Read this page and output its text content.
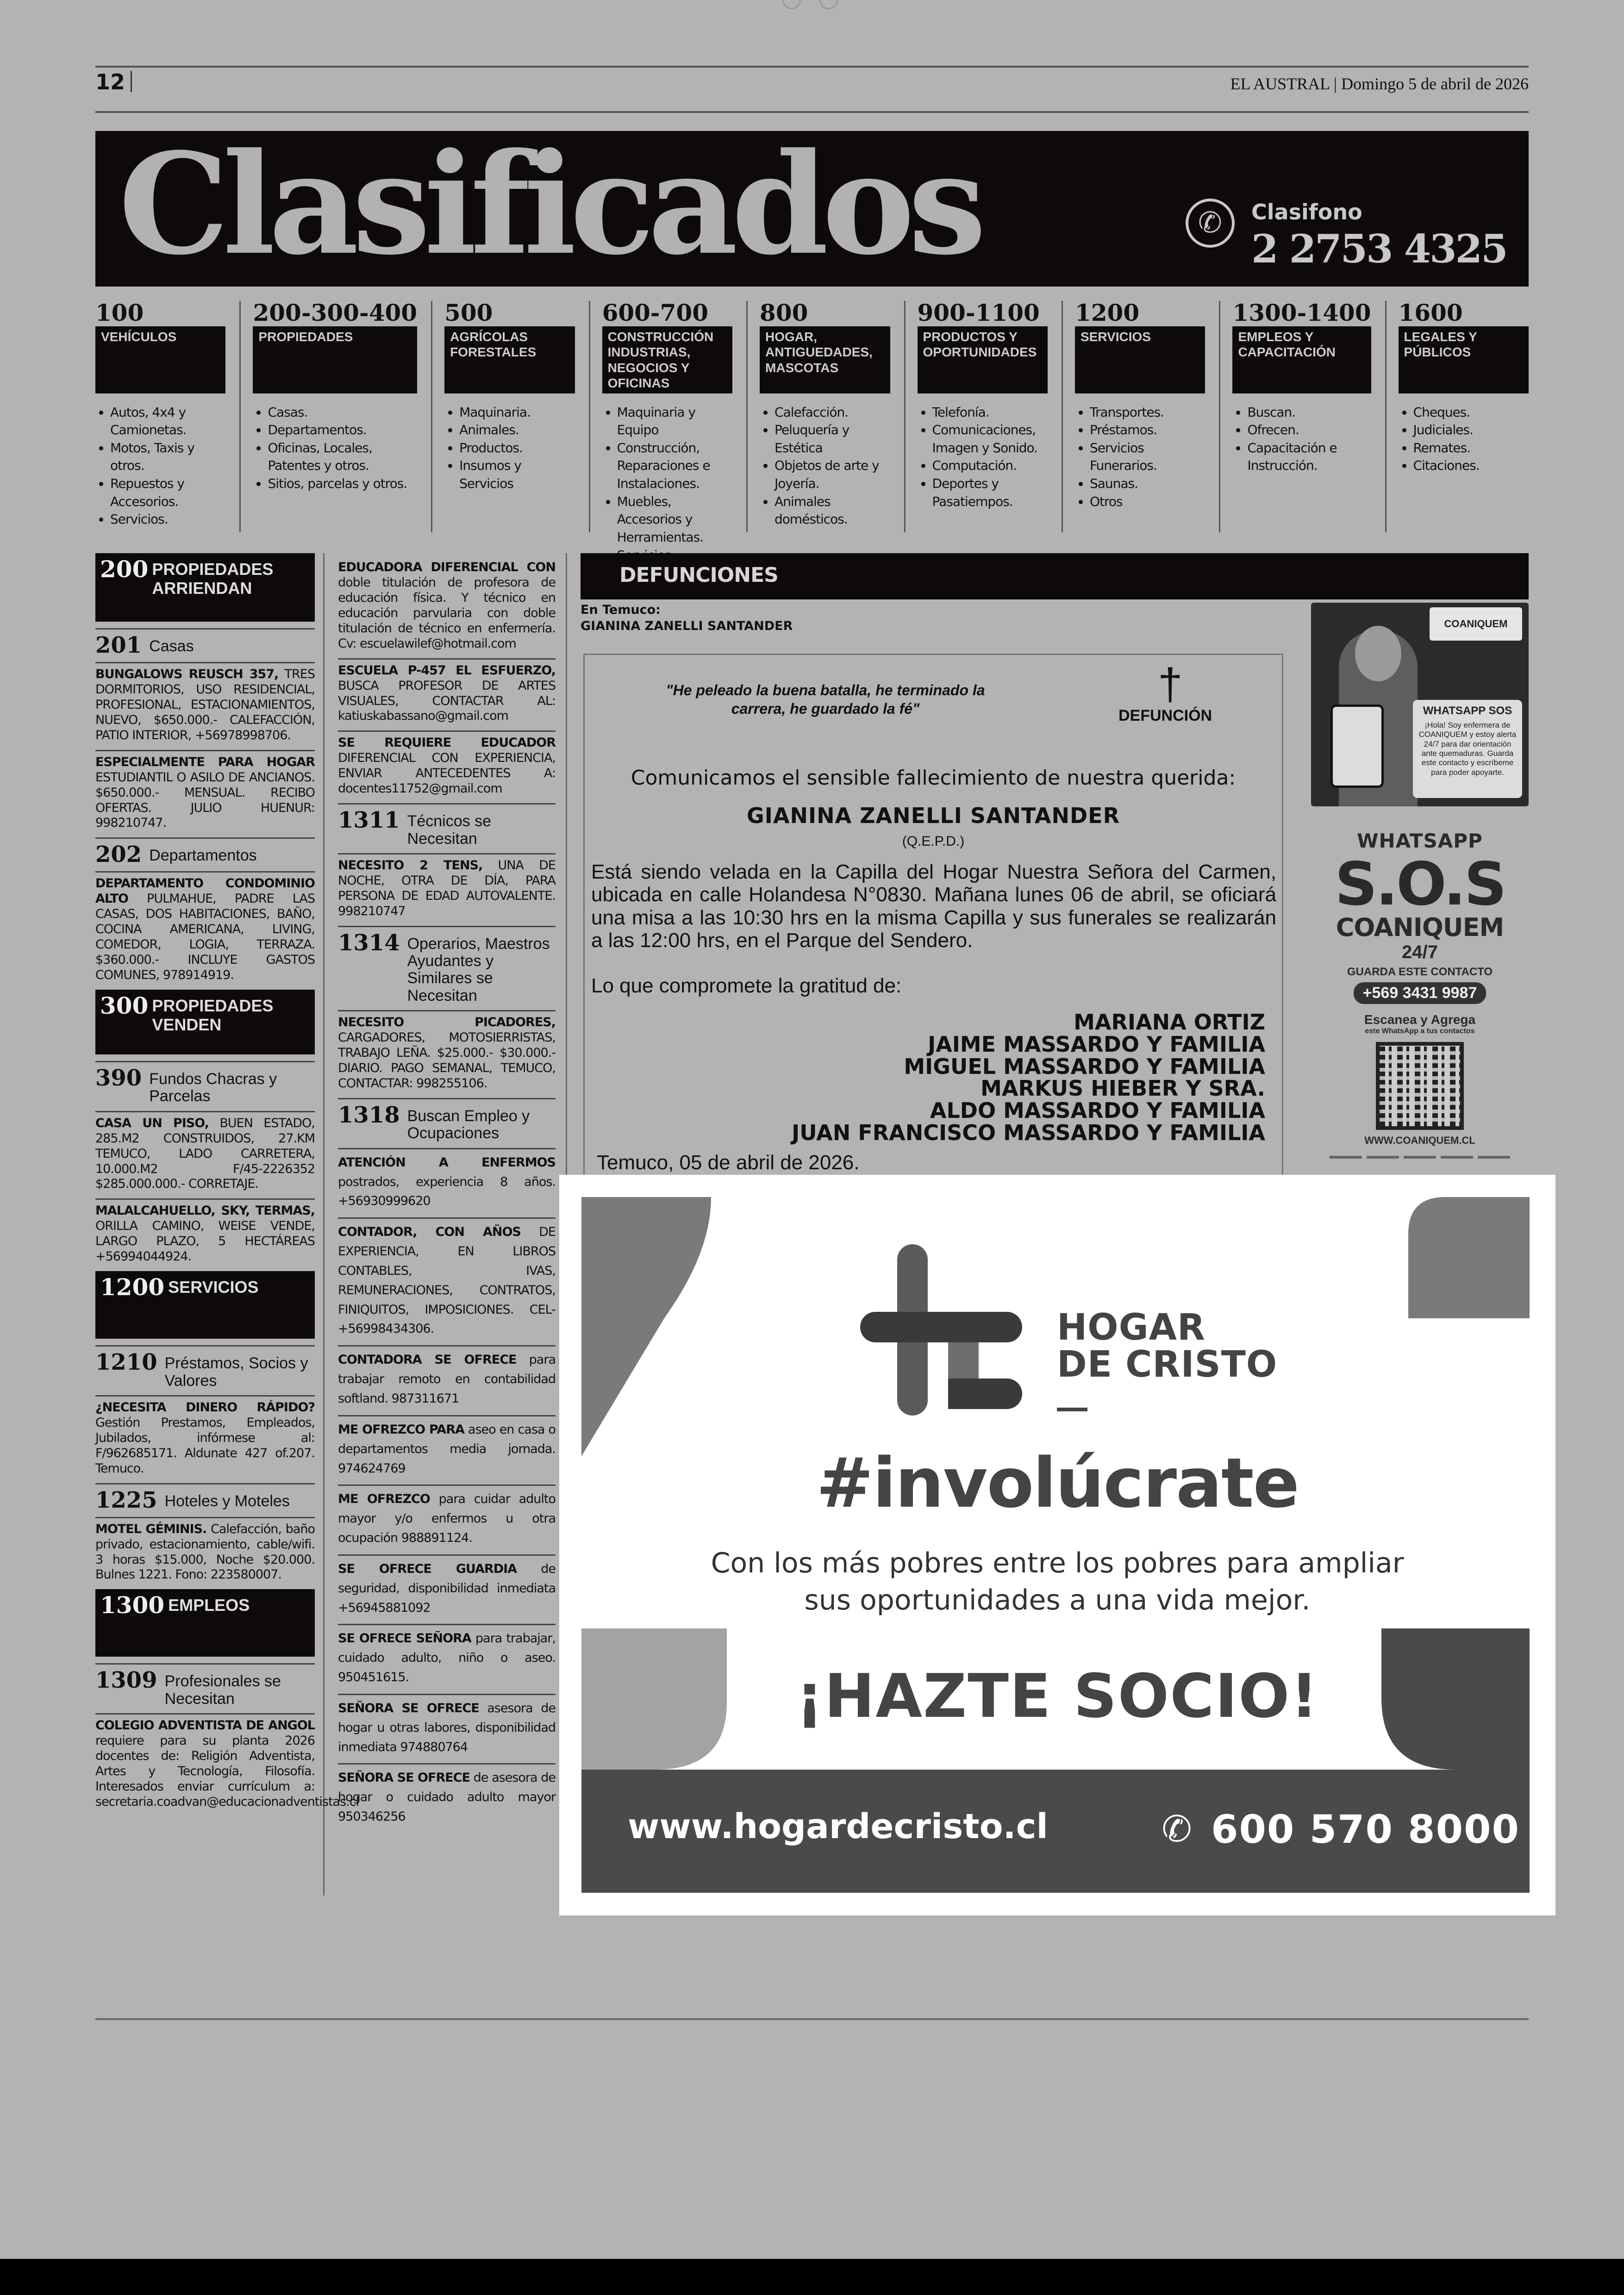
12	EL AUSTRAL | Domingo 5 de abril de 2026
Clasificados	✆	Clasifono
2 2753 4325
100
VEHÍCULOS
• Autos, 4x4 y Camionetas.
• Motos, Taxis y otros.
• Repuestos y Accesorios.
• Servicios.
200-300-400
PROPIEDADES
• Casas.
• Departamentos.
• Oficinas, Locales, Patentes y otros.
• Sitios, parcelas y otros.
500
AGRÍCOLAS FORESTALES
• Maquinaria.
• Animales.
• Productos.
• Insumos y Servicios
600-700
CONSTRUCCIÓN INDUSTRIAS, NEGOCIOS Y OFICINAS
• Maquinaria y Equipo
• Construcción, Reparaciones e Instalaciones.
• Muebles, Accesorios y Herramientas.
•
800
HOGAR, ANTIGUEDADES, MASCOTAS
• Calefacción.
• Peluquería y Estética
• Objetos de arte y Joyería.
• Animales domésticos.
900-1100
PRODUCTOS Y OPORTUNIDADES
• Telefonía.
• Comunicaciones, Imagen y Sonido.
• Computación.
• Deportes y Pasatiempos.
1200
SERVICIOS
• Transportes.
• Préstamos.
• Servicios Funerarios.
• Saunas.
• Otros
1300-1400
EMPLEOS Y CAPACITACIÓN
• Buscan.
• Ofrecen.
• Capacitación e Instrucción.
1600
LEGALES Y PÚBLICOS
• Cheques.
• Judiciales.
• Remates.
• Citaciones.
200 PROPIEDADES ARRIENDAN
201 Casas
BUNGALOWS REUSCH 357, TRES DORMITORIOS, USO RESIDENCIAL, PROFESIONAL, ESTACIONAMIENTOS, NUEVO, $650.000.- CALEFACCIÓN, PATIO INTERIOR, +56978998706.
ESPECIALMENTE PARA HOGAR ESTUDIANTIL O ASILO DE ANCIANOS. $650.000.- MENSUAL. RECIBO OFERTAS. JULIO HUENUR: 998210747.
202 Departamentos
DEPARTAMENTO CONDOMINIO ALTO PULMAHUE, PADRE LAS CASAS, DOS HABITACIONES, BAÑO, COCINA AMERICANA, LIVING, COMEDOR, LOGIA, TERRAZA. $360.000.- INCLUYE GASTOS COMUNES, 978914919.
300 PROPIEDADES VENDEN
390 Fundos Chacras y Parcelas
CASA UN PISO, BUEN ESTADO, 285.M2 CONSTRUIDOS, 27.KM TEMUCO, LADO CARRETERA, 10.000.M2 F/45-2226352 $285.000.000.- CORRETAJE.
MALALCAHUELLO, SKY, TERMAS, ORILLA CAMINO, WEISE VENDE, LARGO PLAZO, 5 HECTÁREAS +56994044924.
1200 SERVICIOS
1210 Préstamos, Socios y Valores
¿NECESITA DINERO RÁPIDO? Gestión Prestamos, Empleados, Jubilados, infórmese al: F/962685171. Aldunate 427 of.207. Temuco.
1225 Hoteles y Moteles
MOTEL GÉMINIS. Calefacción, baño privado, estacionamiento, cable/wifi. 3 horas $15.000, Noche $20.000. Bulnes 1221. Fono: 223580007.
1300 EMPLEOS
1309 Profesionales se Necesitan
COLEGIO ADVENTISTA DE ANGOL requiere para su planta 2026 docentes de: Religión Adventista, Artes y Tecnología, Filosofía. Interesados enviar currículum a: secretaria.coadvan@educacionadventistas.cl
EDUCADORA DIFERENCIAL CON doble titulación de profesora de educación física. Y técnico en educación parvularia con doble titulación de técnico en enfermería. Cv: escuelawilef@hotmail.com
ESCUELA P-457 EL ESFUERZO, BUSCA PROFESOR DE ARTES VISUALES, CONTACTAR AL: katiuskabassano@gmail.com
SE REQUIERE EDUCADOR DIFERENCIAL CON EXPERIENCIA, ENVIAR ANTECEDENTES A: docentes11752@gmail.com
1311 Técnicos se Necesitan
NECESITO 2 TENS, UNA DE NOCHE, OTRA DE DÍA, PARA PERSONA DE EDAD AUTOVALENTE. 998210747
1314 Operarios, Maestros Ayudantes y Similares se Necesitan
NECESITO PICADORES, CARGADORES, MOTOSIERRISTAS, TRABAJO LEÑA. $25.000.- $30.000.- DIARIO. PAGO SEMANAL, TEMUCO, CONTACTAR: 998255106.
1318 Buscan Empleo y Ocupaciones
ATENCIÓN A ENFERMOS postrados, experiencia 8 años. +56930999620
CONTADOR, CON AÑOS DE EXPERIENCIA, EN LIBROS CONTABLES, IVAS, REMUNERACIONES, CONTRATOS, FINIQUITOS, IMPOSICIONES. CEL- +56998434306.
CONTADORA SE OFRECE para trabajar remoto en contabilidad softland. 987311671
ME OFREZCO PARA aseo en casa o departamentos media jornada. 974624769
ME OFREZCO para cuidar adulto mayor y/o enfermos u otra ocupación 988891124.
SE OFRECE GUARDIA de seguridad, disponibilidad inmediata +56945881092
SE OFRECE SEÑORA para trabajar, cuidado adulto, niño o aseo. 950451615.
SEÑORA SE OFRECE asesora de hogar u otras labores, disponibilidad inmediata 974880764
SEÑORA SE OFRECE de asesora de hogar o cuidado adulto mayor 950346256
DEFUNCIONES
En Temuco:
GIANINA ZANELLI SANTANDER
"He peleado la buena batalla, he terminado la carrera, he guardado la fé"	†
DEFUNCIÓN
Comunicamos el sensible fallecimiento de nuestra querida:
GIANINA ZANELLI SANTANDER
(Q.E.P.D.)
Está siendo velada en la Capilla del Hogar Nuestra Señora del Carmen, ubicada en calle Holandesa N°0830. Mañana lunes 06 de abril, se oficiará una misa a las 10:30 hrs en la misma Capilla y sus funerales se realizarán a las 12:00 hrs, en el Parque del Sendero.
Lo que compromete la gratitud de:
MARIANA ORTIZ
JAIME MASSARDO Y FAMILIA
MIGUEL MASSARDO Y FAMILIA
MARKUS HIEBER Y SRA.
ALDO MASSARDO Y FAMILIA
JUAN FRANCISCO MASSARDO Y FAMILIA
Temuco, 05 de abril de 2026.
COANIQUEM
WHATSAPP SOS
¡Hola! Soy enfermera de COANIQUEM y estoy alerta 24/7 para dar orientación ante quemaduras. Guarda este contacto y escríbeme para poder apoyarte.
WHATSAPP
S.O.S
COANIQUEM
24/7
GUARDA ESTE CONTACTO
+569 3431 9987
Escanea y Agrega
este WhatsApp a tus contactos
WWW.COANIQUEM.CL
HOGAR
DE CRISTO
#involúcrate
Con los más pobres entre los pobres para ampliar
sus oportunidades a una vida mejor.
¡HAZTE SOCIO!
www.hogardecristo.cl	✆ 600 570 8000
